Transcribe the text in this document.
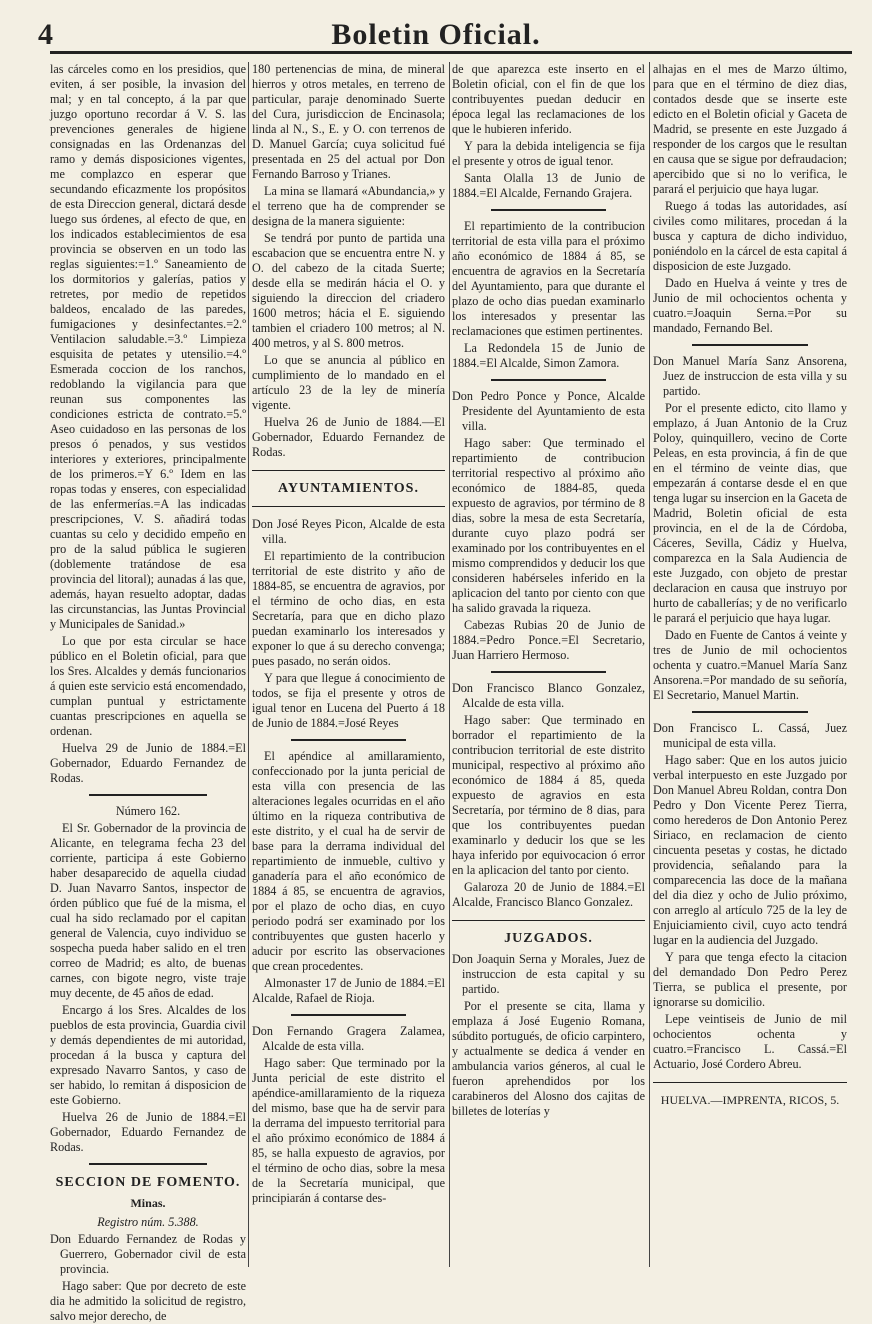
4	Boletin Oficial.

las cárceles como en los presidios, que eviten, á ser posible, la invasion del mal; y en tal concepto, á la par que juzgo oportuno recordar á V. S. las prevenciones generales de higiene consignadas en las Ordenanzas del ramo y demás disposiciones vigentes, me complazco en esperar que secundando eficazmente los propósitos de esta Direccion general, dictará desde luego sus órdenes, al efecto de que, en los indicados establecimientos de esa provincia se observen en un todo las reglas siguientes:=1.º Saneamiento de los dormitorios y galerías, patios y retretes, por medio de repetidos baldeos, encalado de las paredes, fumigaciones y desinfectantes.=2.º Ventilacion saludable.=3.º Limpieza esquisita de petates y utensilio.=4.º Esmerada coccion de los ranchos, redoblando la vigilancia para que reunan sus componentes las condiciones estricta de contrato.=5.º Aseo cuidadoso en las personas de los presos ó penados, y sus vestidos interiores y exteriores, principalmente de los primeros.=Y 6.º Idem en las ropas todas y enseres, con especialidad de las enfermerías.=A las indicadas prescripciones, V. S. añadirá todas cuantas su celo y decidido empeño en pro de la salud pública le sugieren (doblemente tratándose de esa provincia del litoral); aunadas á las que, además, hayan resuelto adoptar, dadas las circunstancias, las Juntas Provincial y Municipales de Sanidad.»

Lo que por esta circular se hace público en el Boletin oficial, para que los Sres. Alcaldes y demás funcionarios á quien este servicio está encomendado, cumplan puntual y estrictamente cuantas prescripciones en aquella se ordenan.

Huelva 29 de Junio de 1884.=El Gobernador, Eduardo Fernandez de Rodas.

Número 162.

El Sr. Gobernador de la provincia de Alicante, en telegrama fecha 23 del corriente, participa á este Gobierno haber desaparecido de aquella ciudad D. Juan Navarro Santos, inspector de órden público que fué de la misma, el cual ha sido reclamado por el capitan general de Valencia, cuyo individuo se sospecha pueda haber salido en el tren correo de Madrid; es alto, de buenas carnes, con bigote negro, viste traje muy decente, de 45 años de edad.

Encargo á los Sres. Alcaldes de los pueblos de esta provincia, Guardia civil y demás dependientes de mi autoridad, procedan á la busca y captura del expresado Navarro Santos, y caso de ser habido, lo remitan á disposicion de este Gobierno.

Huelva 26 de Junio de 1884.=El Gobernador, Eduardo Fernandez de Rodas.

SECCION DE FOMENTO.
Minas.

Registro núm. 5.388.

Don Eduardo Fernandez de Rodas y Guerrero, Gobernador civil de esta provincia.

Hago saber: Que por decreto de este dia he admitido la solicitud de registro, salvo mejor derecho, de

180 pertenencias de mina, de mineral hierros y otros metales, en terreno de particular, paraje denominado Suerte del Cura, jurisdiccion de Encinasola; linda al N., S., E. y O. con terrenos de D. Manuel García; cuya solicitud fué presentada en 25 del actual por Don Fernando Barroso y Trianes.

La mina se llamará «Abundancia,» y el terreno que ha de comprender se designa de la manera siguiente:

Se tendrá por punto de partida una escabacion que se encuentra entre N. y O. del cabezo de la citada Suerte; desde ella se medirán hácia el O. y siguiendo la direccion del criadero 1600 metros; hácia el E. siguiendo tambien el criadero 100 metros; al N. 400 metros, y al S. 800 metros.

Lo que se anuncia al público en cumplimiento de lo mandado en el artículo 23 de la ley de minería vigente.

Huelva 26 de Junio de 1884.—El Gobernador, Eduardo Fernandez de Rodas.

AYUNTAMIENTOS.

Don José Reyes Picon, Alcalde de esta villa.

El repartimiento de la contribucion territorial de este distrito y año de 1884-85, se encuentra de agravios, por el término de ocho dias, en esta Secretaría, para que en dicho plazo puedan examinarlo los interesados y exponer lo que á su derecho convenga; pues pasado, no serán oidos.

Y para que llegue á conocimiento de todos, se fija el presente y otros de igual tenor en Lucena del Puerto á 18 de Junio de 1884.=José Reyes

El apéndice al amillaramiento, confeccionado por la junta pericial de esta villa con presencia de las alteraciones legales ocurridas en el año último en la riqueza contributiva de este distrito, y el cual ha de servir de base para la derrama individual del repartimiento de inmueble, cultivo y ganadería para el año económico de 1884 á 85, se encuentra de agravios, por el plazo de ocho dias, en cuyo periodo podrá ser examinado por los contribuyentes que gusten hacerlo y aducir por escrito las observaciones que crean procedentes.

Almonaster 17 de Junio de 1884.=El Alcalde, Rafael de Rioja.

Don Fernando Gragera Zalamea, Alcalde de esta villa.

Hago saber: Que terminado por la Junta pericial de este distrito el apéndice-amillaramiento de la riqueza del mismo, base que ha de servir para la derrama del impuesto territorial para el año próximo económico de 1884 á 85, se halla expuesto de agravios, por el término de ocho dias, sobre la mesa de la Secretaría municipal, que principiarán á contarse des-

de que aparezca este inserto en el Boletin oficial, con el fin de que los contribuyentes puedan deducir en época legal las reclamaciones de los que le hubieren inferido.

Y para la debida inteligencia se fija el presente y otros de igual tenor.

Santa Olalla 13 de Junio de 1884.=El Alcalde, Fernando Grajera.

El repartimiento de la contribucion territorial de esta villa para el próximo año económico de 1884 á 85, se encuentra de agravios en la Secretaría del Ayuntamiento, para que durante el plazo de ocho dias puedan examinarlo los interesados y presentar las reclamaciones que estimen pertinentes.

La Redondela 15 de Junio de 1884.=El Alcalde, Simon Zamora.

Don Pedro Ponce y Ponce, Alcalde Presidente del Ayuntamiento de esta villa.

Hago saber: Que terminado el repartimiento de contribucion territorial respectivo al próximo año económico de 1884-85, queda expuesto de agravios, por término de 8 dias, sobre la mesa de esta Secretaría, durante cuyo plazo podrá ser examinado por los contribuyentes en el mismo comprendidos y deducir los que consideren habérseles inferido en la aplicacion del tanto por ciento con que ha salido gravada la riqueza.

Cabezas Rubias 20 de Junio de 1884.=Pedro Ponce.=El Secretario, Juan Harriero Hermoso.

Don Francisco Blanco Gonzalez, Alcalde de esta villa.

Hago saber: Que terminado en borrador el repartimiento de la contribucion territorial de este distrito municipal, respectivo al próximo año económico de 1884 á 85, queda expuesto de agravios en esta Secretaría, por término de 8 dias, para que los contribuyentes puedan examinarlo y deducir los que se les haya inferido por equivocacion ó error en la aplicacion del tanto por ciento.

Galaroza 20 de Junio de 1884.=El Alcalde, Francisco Blanco Gonzalez.

JUZGADOS.

Don Joaquin Serna y Morales, Juez de instruccion de esta capital y su partido.

Por el presente se cita, llama y emplaza á José Eugenio Romana, súbdito portugués, de oficio carpintero, y actualmente se dedica á vender en ambulancia varios géneros, al cual le fueron aprehendidos por los carabineros del Alosno dos cajitas de billetes de loterías y

alhajas en el mes de Marzo último, para que en el término de diez dias, contados desde que se inserte este edicto en el Boletin oficial y Gaceta de Madrid, se presente en este Juzgado á responder de los cargos que le resultan en causa que se sigue por defraudacion; apercibido que si no lo verifica, le parará el perjuicio que haya lugar.

Ruego á todas las autoridades, así civiles como militares, procedan á la busca y captura de dicho individuo, poniéndolo en la cárcel de esta capital á disposicion de este Juzgado.

Dado en Huelva á veinte y tres de Junio de mil ochocientos ochenta y cuatro.=Joaquin Serna.=Por su mandado, Fernando Bel.

Don Manuel María Sanz Ansorena, Juez de instruccion de esta villa y su partido.

Por el presente edicto, cito llamo y emplazo, á Juan Antonio de la Cruz Poloy, quinquillero, vecino de Corte Peleas, en esta provincia, á fin de que en el término de veinte dias, que empezarán á contarse desde el en que tenga lugar su insercion en la Gaceta de Madrid, Boletin oficial de esta provincia, en el de la de Córdoba, Cáceres, Sevilla, Cádiz y Huelva, comparezca en la Sala Audiencia de este Juzgado, con objeto de prestar declaracion en causa que instruyo por hurto de caballerías; y de no verificarlo le parará el perjuicio que haya lugar.

Dado en Fuente de Cantos á veinte y tres de Junio de mil ochocientos ochenta y cuatro.=Manuel María Sanz Ansorena.=Por mandado de su señoría, El Secretario, Manuel Martin.

Don Francisco L. Cassá, Juez municipal de esta villa.

Hago saber: Que en los autos juicio verbal interpuesto en este Juzgado por Don Manuel Abreu Roldan, contra Don Pedro y Don Vicente Perez Tierra, como herederos de Don Antonio Perez Siriaco, en reclamacion de ciento cincuenta pesetas y costas, he dictado providencia, señalando para la comparecencia las doce de la mañana del dia diez y ocho de Julio próximo, con arreglo al artículo 725 de la ley de Enjuiciamiento civil, cuyo acto tendrá lugar en la audiencia del Juzgado.

Y para que tenga efecto la citacion del demandado Don Pedro Perez Tierra, se publica el presente, por ignorarse su domicilio.

Lepe veintiseis de Junio de mil ochocientos ochenta y cuatro.=Francisco L. Cassá.=El Actuario, José Cordero Abreu.

HUELVA.—IMPRENTA, RICOS, 5.
